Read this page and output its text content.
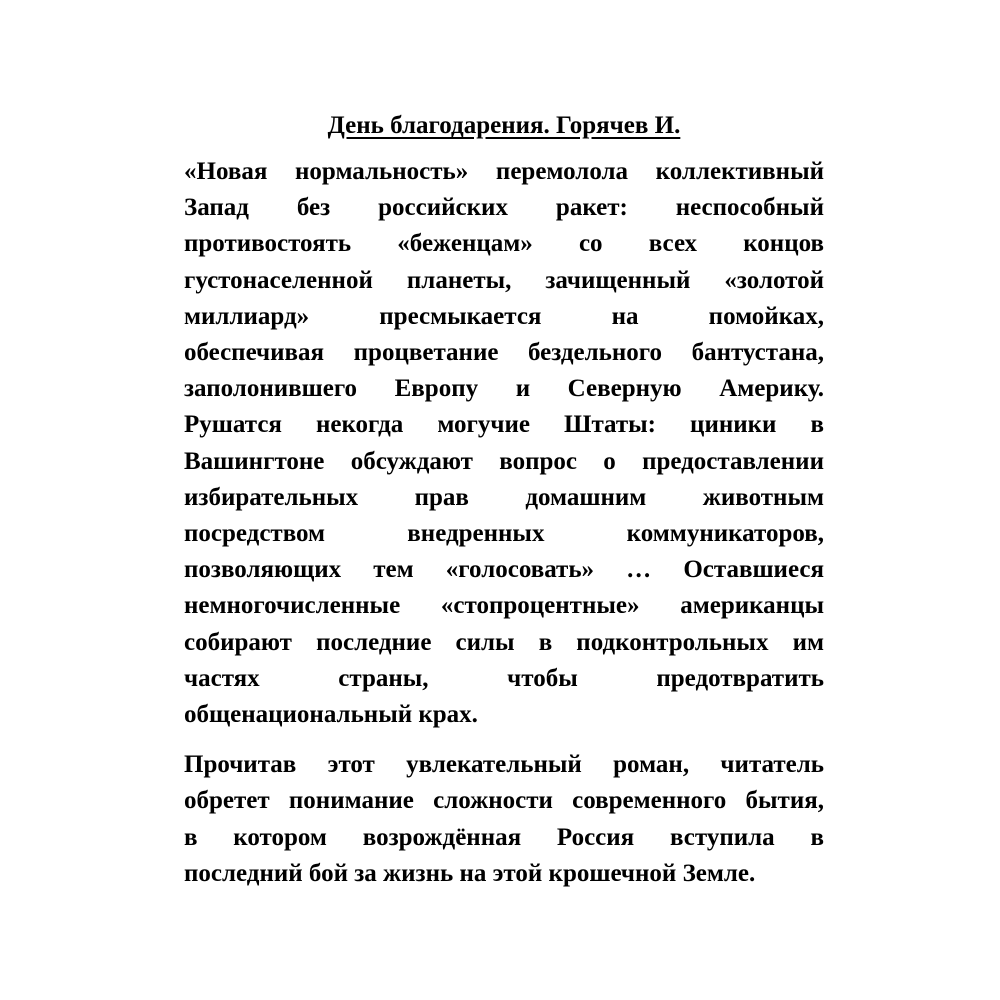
День благодарения. Горячев И.

«Новая нормальность» перемолола коллективный
Запад без российских ракет: неспособный
противостоять «беженцам» со всех концов
густонаселенной планеты, зачищенный «золотой
миллиард» пресмыкается на помойках,
обеспечивая процветание бездельного бантустана,
заполонившего Европу и Северную Америку.
Рушатся некогда могучие Штаты: циники в
Вашингтоне обсуждают вопрос о предоставлении
избирательных прав домашним животным
посредством внедренных коммуникаторов,
позволяющих тем «голосовать» … Оставшиеся
немногочисленные «стопроцентные» американцы
собирают последние силы в подконтрольных им
частях страны, чтобы предотвратить
общенациональный крах.

Прочитав этот увлекательный роман, читатель
обретет понимание сложности современного бытия,
в котором возрождённая Россия вступила в
последний бой за жизнь на этой крошечной Земле.
